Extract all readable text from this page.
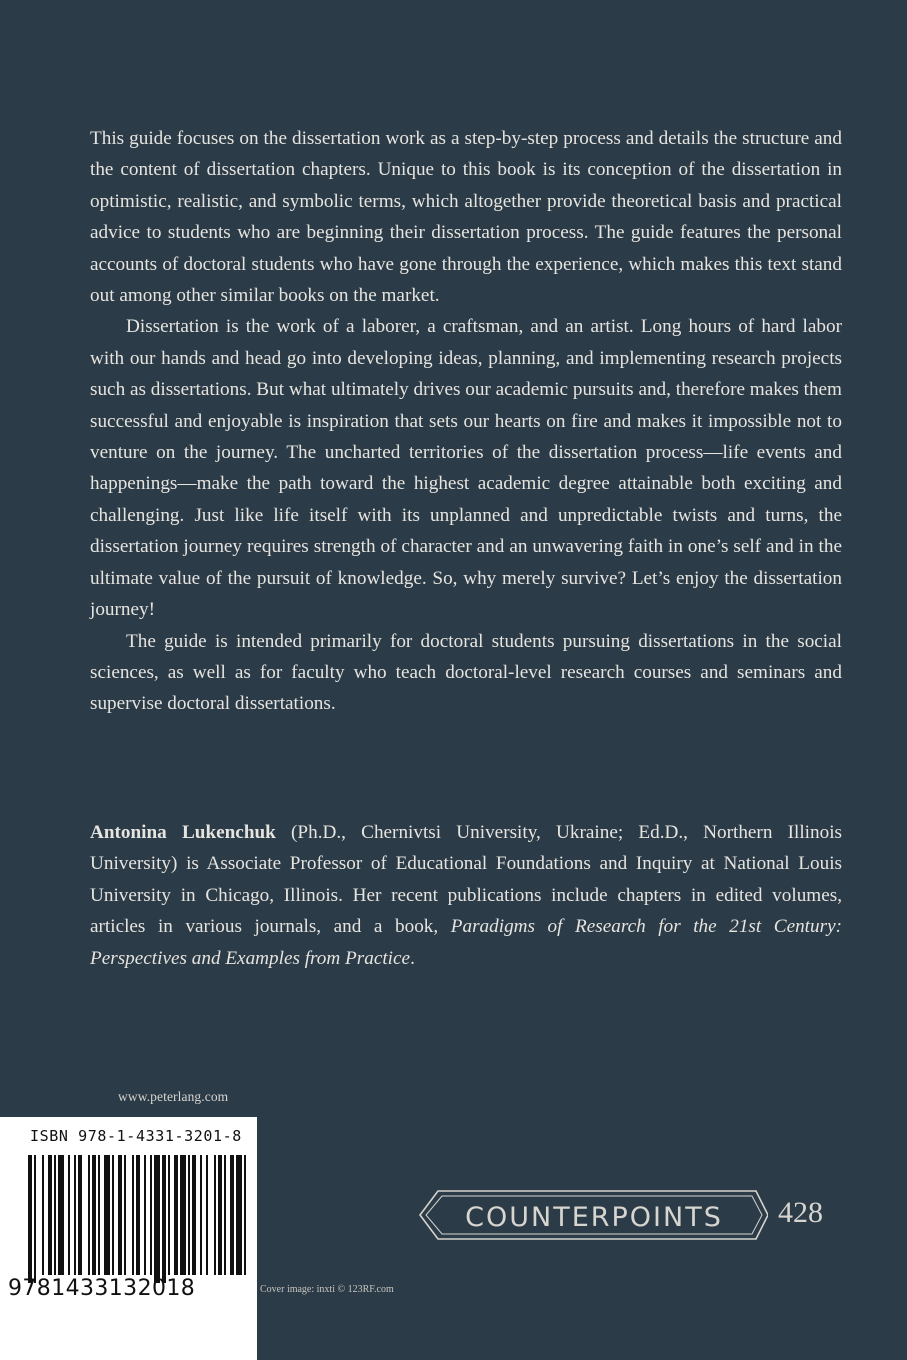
This guide focuses on the dissertation work as a step-by-step process and details the structure and the content of dissertation chapters. Unique to this book is its conception of the dissertation in optimistic, realistic, and symbolic terms, which altogether provide theoretical basis and practical advice to students who are beginning their dissertation process. The guide features the personal accounts of doctoral students who have gone through the experience, which makes this text stand out among other similar books on the market.

Dissertation is the work of a laborer, a craftsman, and an artist. Long hours of hard labor with our hands and head go into developing ideas, planning, and implementing research projects such as dissertations. But what ultimately drives our academic pursuits and, therefore makes them successful and enjoyable is inspiration that sets our hearts on fire and makes it impossible not to venture on the journey. The uncharted territories of the dissertation process—life events and happenings—make the path toward the highest academic degree attainable both exciting and challenging. Just like life itself with its unplanned and unpredictable twists and turns, the dissertation journey requires strength of character and an unwavering faith in one’s self and in the ultimate value of the pursuit of knowledge. So, why merely survive? Let’s enjoy the dissertation journey!

The guide is intended primarily for doctoral students pursuing dissertations in the social sciences, as well as for faculty who teach doctoral-level research courses and seminars and supervise doctoral dissertations.

Antonina Lukenchuk (Ph.D., Chernivtsi University, Ukraine; Ed.D., Northern Illinois University) is Associate Professor of Educational Foundations and Inquiry at National Louis University in Chicago, Illinois. Her recent publications include chapters in edited volumes, articles in various journals, and a book, Paradigms of Research for the 21st Century: Perspectives and Examples from Practice.

www.peterlang.com
ISBN 978-1-4331-3201-8
9781433132018	Cover image: inxti © 123RF.com
COUNTERPOINTS 428
